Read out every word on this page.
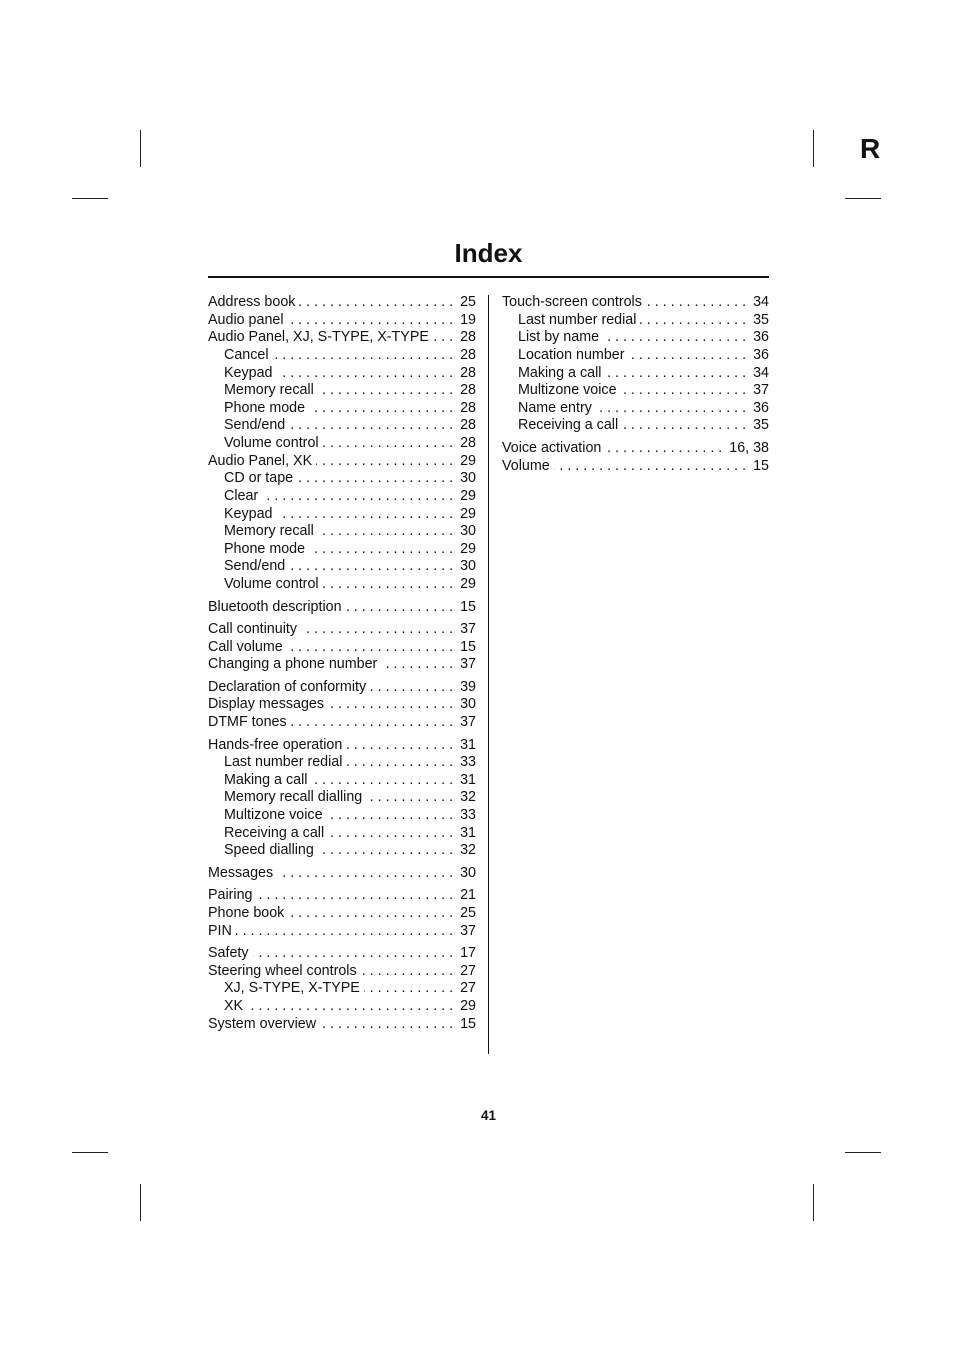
R
Index
Address book . . .	25
Audio panel . . .	19
Audio Panel, XJ, S-TYPE, X-TYPE . . .	28
Cancel . . .	28
Keypad . . .	28
Memory recall . . .	28
Phone mode . . .	28
Send/end . . .	28
Volume control . . .	28
Audio Panel, XK . . .	29
CD or tape . . .	30
Clear . . .	29
Keypad . . .	29
Memory recall . . .	30
Phone mode . . .	29
Send/end . . .	30
Volume control . . .	29
Bluetooth description . . .	15
Call continuity . . .	37
Call volume . . .	15
Changing a phone number . . .	37
Declaration of conformity . . .	39
Display messages . . .	30
DTMF tones . . .	37
Hands-free operation . . .	31
Last number redial . . .	33
Making a call . . .	31
Memory recall dialling . . .	32
Multizone voice . . .	33
Receiving a call . . .	31
Speed dialling . . .	32
Messages . . .	30
Pairing . . .	21
Phone book . . .	25
PIN . . .	37
Safety . . .	17
Steering wheel controls . . .	27
XJ, S-TYPE, X-TYPE . . .	27
XK . . .	29
System overview . . .	15
Touch-screen controls . . .	34
Last number redial . . .	35
List by name . . .	36
Location number . . .	36
Making a call . . .	34
Multizone voice . . .	37
Name entry . . .	36
Receiving a call . . .	35
Voice activation . . .	16, 38
Volume . . .	15
41
